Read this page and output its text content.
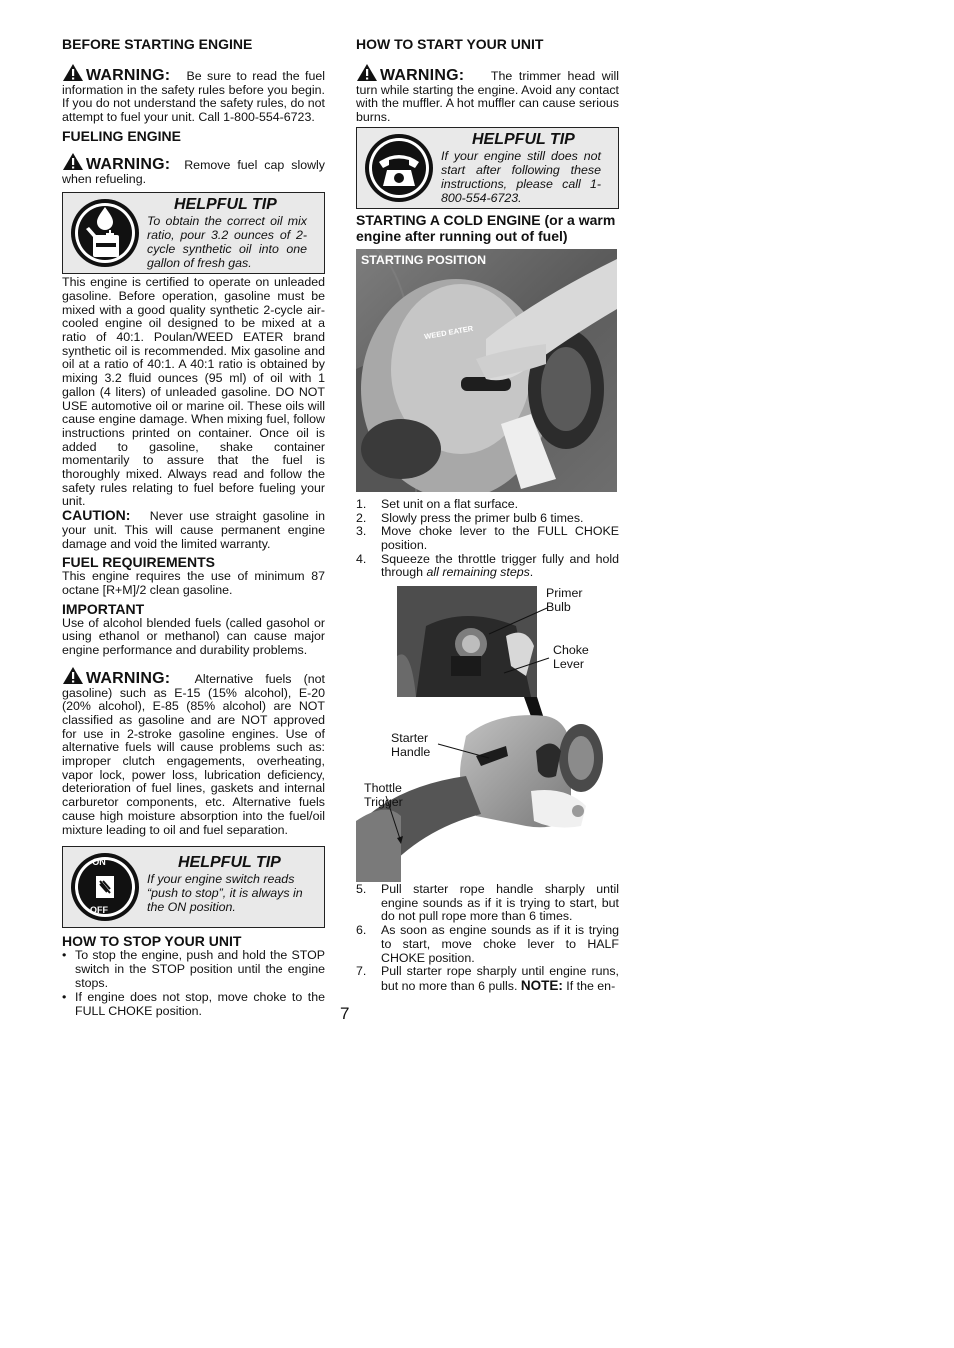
BEFORE STARTING ENGINE

WARNING: Be sure to read the fuel information in the safety rules before you begin. If you do not understand the safety rules, do not attempt to fuel your unit. Call 1-800-554-6723.

FUELING ENGINE

WARNING: Remove fuel cap slowly when refueling.
HELPFUL TIP
To obtain the correct oil mix ratio, pour 3.2 ounces of 2-cycle synthetic oil into one gallon of fresh gas.

This engine is certified to operate on unleaded gasoline. Before operation, gasoline must be mixed with a good quality synthetic 2-cycle air-cooled engine oil designed to be mixed at a ratio of 40:1. Poulan/WEED EATER brand synthetic oil is recommended. Mix gasoline and oil at a ratio of 40:1. A 40:1 ratio is obtained by mixing 3.2 fluid ounces (95 ml) of oil with 1 gallon (4 liters) of unleaded gasoline. DO NOT USE automotive oil or marine oil. These oils will cause engine damage. When mixing fuel, follow instructions printed on container. Once oil is added to gasoline, shake container momentarily to assure that the fuel is thoroughly mixed. Always read and follow the safety rules relating to fuel before fueling your unit.

CAUTION: Never use straight gasoline in your unit. This will cause permanent engine damage and void the limited warranty.

FUEL REQUIREMENTS

This engine requires the use of minimum 87 octane [R+M]/2 clean gasoline.

IMPORTANT

Use of alcohol blended fuels (called gasohol or using ethanol or methanol) can cause major engine performance and durability problems.

WARNING: Alternative fuels (not gasoline) such as E-15 (15% alcohol), E-20 (20% alcohol), E-85 (85% alcohol) are NOT classified as gasoline and are NOT approved for use in 2-stroke gasoline engines. Use of alternative fuels will cause problems such as: improper clutch engagements, overheating, vapor lock, power loss, lubrication deficiency, deterioration of fuel lines, gaskets and internal carburetor components, etc. Alternative fuels cause high moisture absorption into the fuel/oil mixture leading to oil and fuel separation.
ON
OFF
HELPFUL TIP
If your engine switch reads “push to stop”, it is always in the ON position.

HOW TO STOP YOUR UNIT

• To stop the engine, push and hold the STOP switch in the STOP position until the engine stops.
• If engine does not stop, move choke to the FULL CHOKE position.

HOW TO START YOUR UNIT

WARNING: The trimmer head will turn while starting the engine. Avoid any contact with the muffler. A hot muffler can cause serious burns.
HELPFUL TIP
If your engine still does not start after following these instructions, please call 1-800-554-6723.

STARTING A COLD ENGINE (or a warm engine after running out of fuel)

STARTING POSITION
WEED EATER
1. Set unit on a flat surface.
2. Slowly press the primer bulb 6 times.
3. Move choke lever to the FULL CHOKE position.
4. Squeeze the throttle trigger fully and hold through all remaining steps.
Primer
Bulb
Choke
Lever
Starter
Handle
Thottle
Trigger
5. Pull starter rope handle sharply until engine sounds as if it is trying to start, but do not pull rope more than 6 times.
6. As soon as engine sounds as if it is trying to start, move choke lever to HALF CHOKE position.
7. Pull starter rope sharply until engine runs, but no more than 6 pulls. NOTE: If the en-
7
